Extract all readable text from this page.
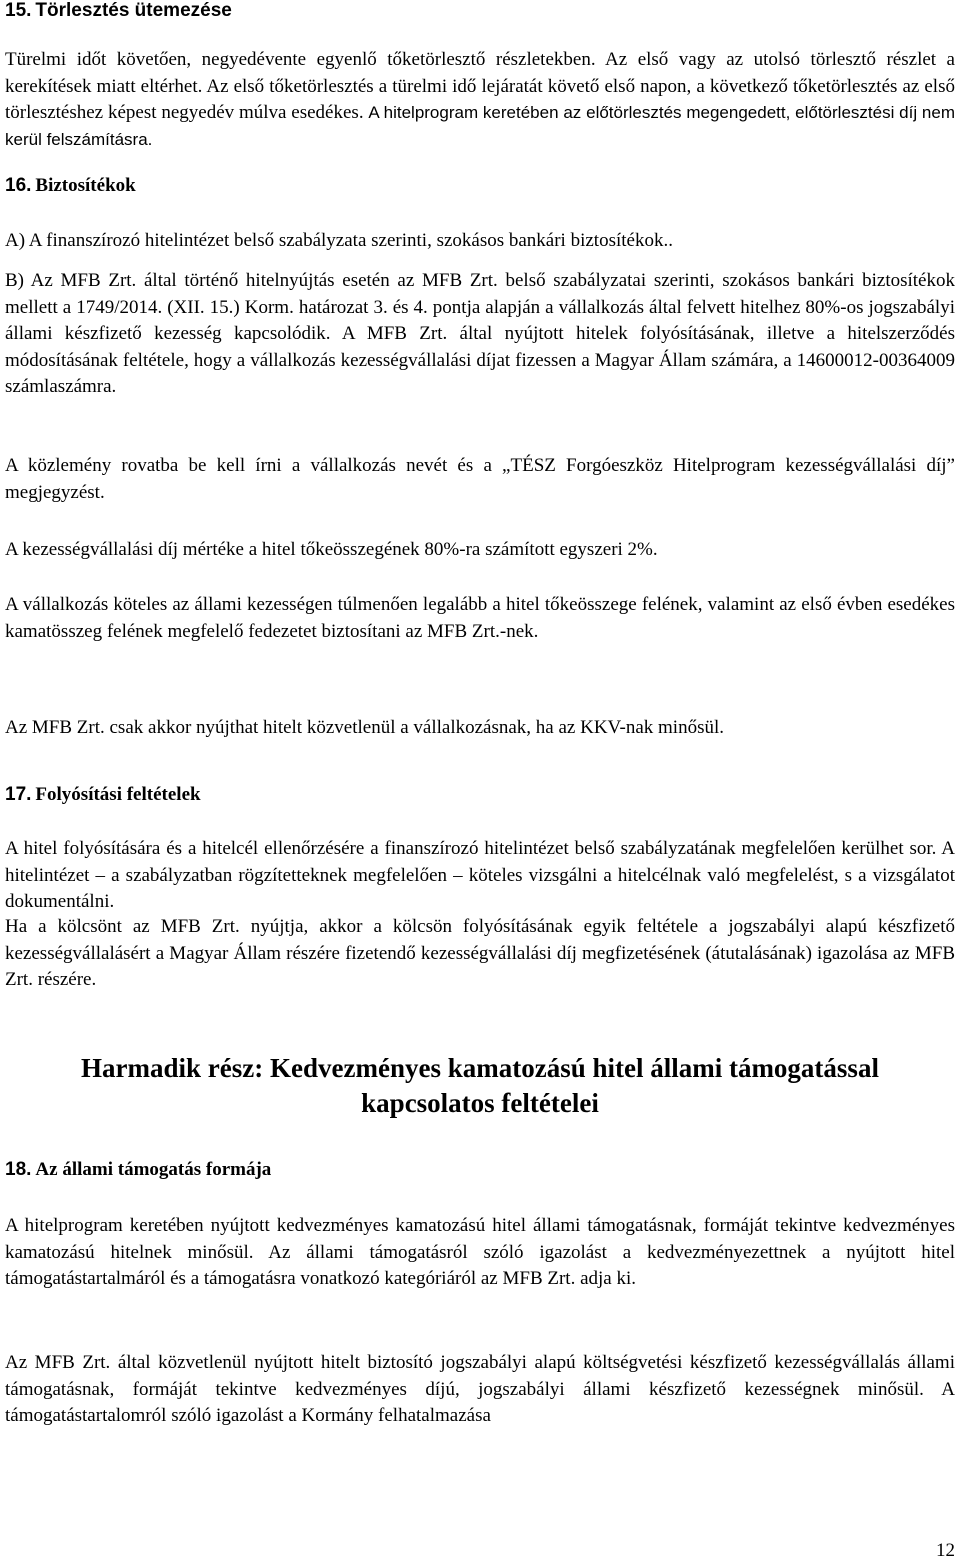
15. Törlesztés ütemezése
Türelmi időt követően, negyedévente egyenlő tőketörlesztő részletekben. Az első vagy az utolsó törlesztő részlet a kerekítések miatt eltérhet. Az első tőketörlesztés a türelmi idő lejáratát követő első napon, a következő tőketörlesztés az első törlesztéshez képest negyedév múlva esedékes. A hitelprogram keretében az előtörlesztés megengedett, előtörlesztési díj nem kerül felszámításra.
16. Biztosítékok
A) A finanszírozó hitelintézet belső szabályzata szerinti, szokásos bankári biztosítékok..
B) Az MFB Zrt. által történő hitelnyújtás esetén az MFB Zrt. belső szabályzatai szerinti, szokásos bankári biztosítékok mellett a 1749/2014. (XII. 15.) Korm. határozat 3. és 4. pontja alapján a vállalkozás által felvett hitelhez 80%-os jogszabályi állami készfizető kezesség kapcsolódik. A MFB Zrt. által nyújtott hitelek folyósításának, illetve a hitelszerződés módosításának feltétele, hogy a vállalkozás kezességvállalási díjat fizessen a Magyar Állam számára, a 14600012-00364009 számlaszámra.
A közlemény rovatba be kell írni a vállalkozás nevét és a „TÉSZ Forgóeszköz Hitelprogram kezességvállalási díj” megjegyzést.
A kezességvállalási díj mértéke a hitel tőkeösszegének 80%-ra számított egyszeri 2%.
A vállalkozás köteles az állami kezességen túlmenően legalább a hitel tőkeösszege felének, valamint az első évben esedékes kamatösszeg felének megfelelő fedezetet biztosítani az MFB Zrt.-nek.
Az MFB Zrt. csak akkor nyújthat hitelt közvetlenül a vállalkozásnak, ha az KKV-nak minősül.
17. Folyósítási feltételek
A hitel folyósítására és a hitelcél ellenőrzésére a finanszírozó hitelintézet belső szabályzatának megfelelően kerülhet sor. A hitelintézet – a szabályzatban rögzítetteknek megfelelően – köteles vizsgálni a hitelcélnak való megfelelést, s a vizsgálatot dokumentálni.
Ha a kölcsönt az MFB Zrt. nyújtja, akkor a kölcsön folyósításának egyik feltétele a jogszabályi alapú készfizető kezességvállalásért a Magyar Állam részére fizetendő kezességvállalási díj megfizetésének (átutalásának) igazolása az MFB Zrt. részére.
Harmadik rész: Kedvezményes kamatozású hitel állami támogatással
kapcsolatos feltételei
18. Az állami támogatás formája
A hitelprogram keretében nyújtott kedvezményes kamatozású hitel állami támogatásnak, formáját tekintve kedvezményes kamatozású hitelnek minősül. Az állami támogatásról szóló igazolást a kedvezményezettnek a nyújtott hitel támogatástartalmáról és a támogatásra vonatkozó kategóriáról az MFB Zrt. adja ki.
Az MFB Zrt. által közvetlenül nyújtott hitelt biztosító jogszabályi alapú költségvetési készfizető kezességvállalás állami támogatásnak, formáját tekintve kedvezményes díjú, jogszabályi állami készfizető kezességnek minősül. A támogatástartalomról szóló igazolást a Kormány felhatalmazása
12
